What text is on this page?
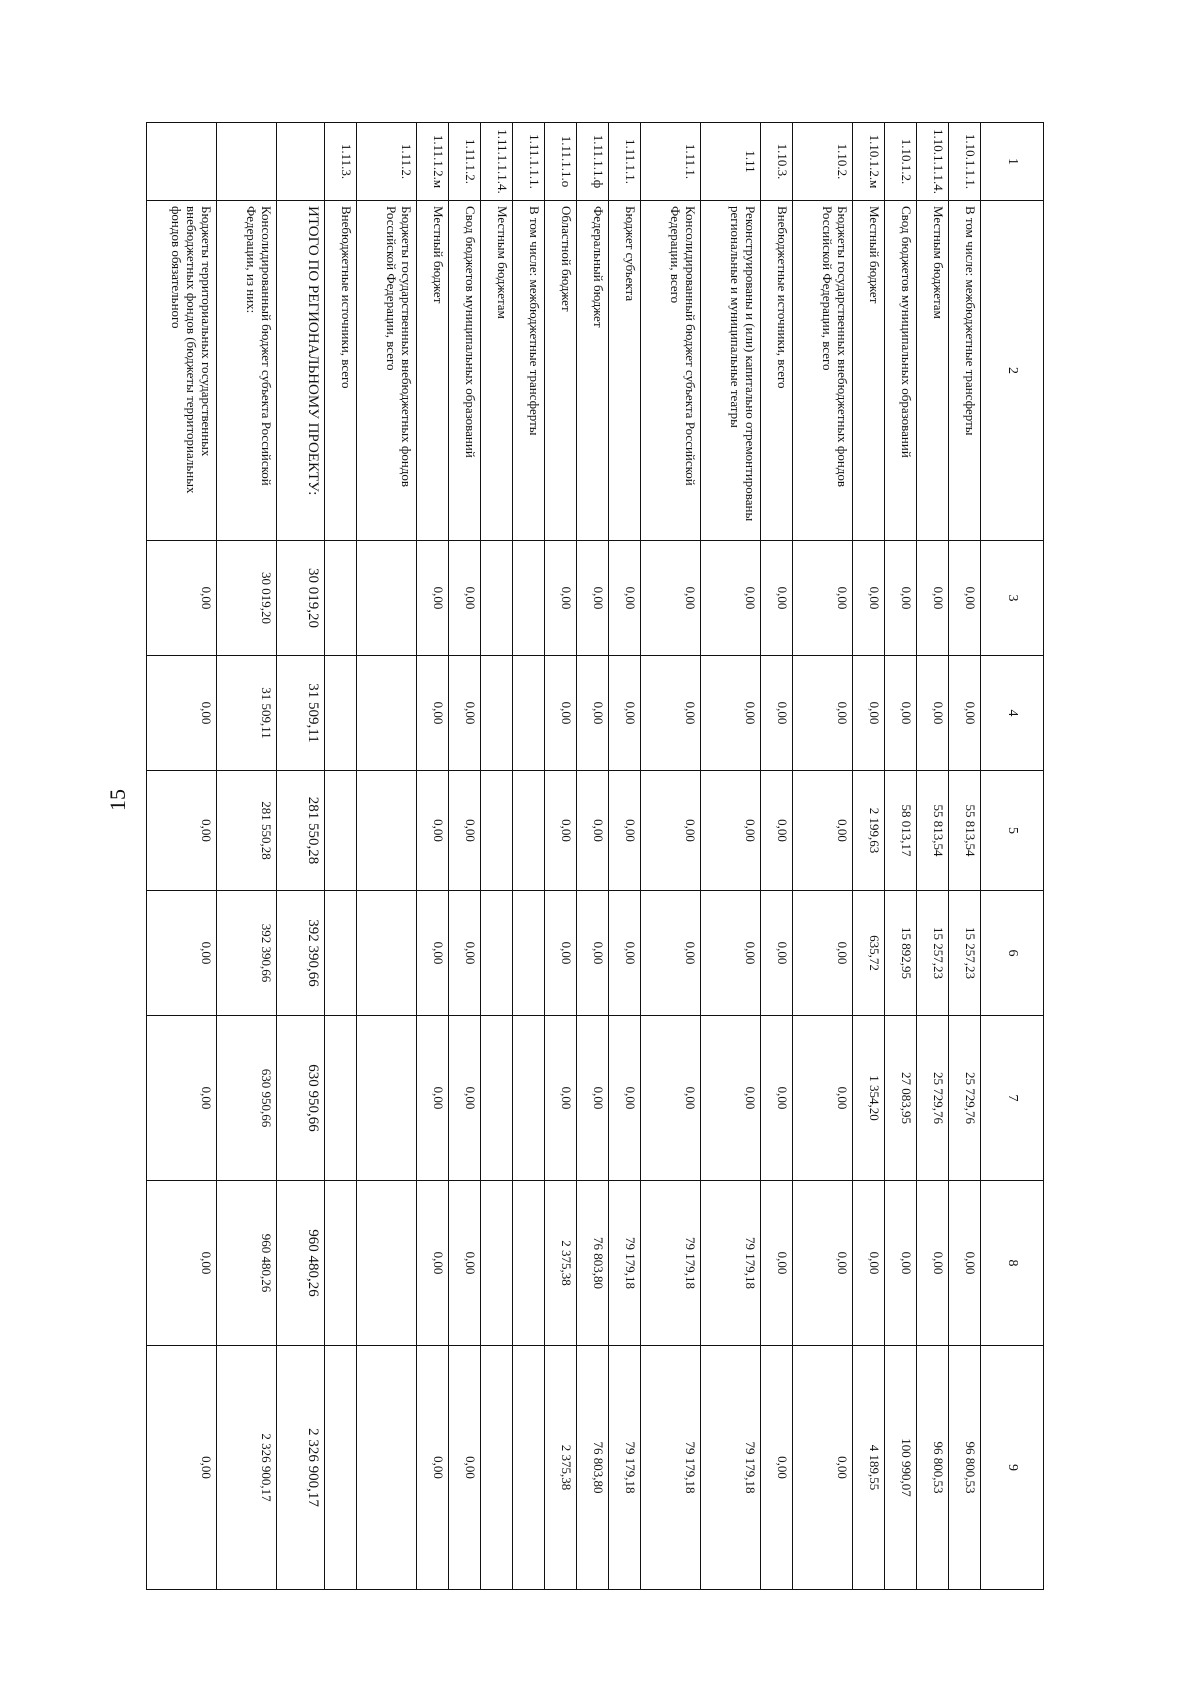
15
1	2	3	4	5	6	7	8	9
1.10.1.1.1.	В том числе: межбюджетные трансферты	0,00	0,00	55 813,54	15 257,23	25 729,76	0,00	96 800,53
1.10.1.1.1.4.	Местным бюджетам	0,00	0,00	55 813,54	15 257,23	25 729,76	0,00	96 800,53
1.10.1.2.	Свод бюджетов муниципальных образований	0,00	0,00	58 013,17	15 892,95	27 083,95	0,00	100 990,07
1.10.1.2.м	Местный бюджет	0,00	0,00	2 199,63	635,72	1 354,20	0,00	4 189,55
1.10.2.	Бюджеты государственных внебюджетных фондов Российской Федерации, всего	0,00	0,00	0,00	0,00	0,00	0,00	0,00
1.10.3.	Внебюджетные источники, всего	0,00	0,00	0,00	0,00	0,00	0,00	0,00
1.11	Реконструированы и (или) капитально отремонтированы региональные и муниципальные театры	0,00	0,00	0,00	0,00	0,00	79 179,18	79 179,18
1.11.1.	Консолидированный бюджет субъекта Российской Федерации, всего	0,00	0,00	0,00	0,00	0,00	79 179,18	79 179,18
1.11.1.1.	Бюджет субъекта	0,00	0,00	0,00	0,00	0,00	79 179,18	79 179,18
1.11.1.1.ф	Федеральный бюджет	0,00	0,00	0,00	0,00	0,00	76 803,80	76 803,80
1.11.1.1.о	Областной бюджет	0,00	0,00	0,00	0,00	0,00	2 375,38	2 375,38
1.11.1.1.1.	В том числе: межбюджетные трансферты							
1.11.1.1.1.4.	Местным бюджетам							
1.11.1.2.	Свод бюджетов муниципальных образований	0,00	0,00	0,00	0,00	0,00	0,00	0,00
1.11.1.2.м	Местный бюджет	0,00	0,00	0,00	0,00	0,00	0,00	0,00
1.11.2.	Бюджеты государственных внебюджетных фондов Российской Федерации, всего							
1.11.3.	Внебюджетные источники, всего							
	ИТОГО ПО РЕГИОНАЛЬНОМУ ПРОЕКТУ:	30 019,20	31 509,11	281 550,28	392 390,66	630 950,66	960 480,26	2 326 900,17
	Консолидированный бюджет субъекта Российской Федерации, из них:	30 019,20	31 509,11	281 550,28	392 390,66	630 950,66	960 480,26	2 326 900,17
	Бюджеты территориальных государственных внебюджетных фондов (бюджеты территориальных фондов обязательного	0,00	0,00	0,00	0,00	0,00	0,00	0,00
